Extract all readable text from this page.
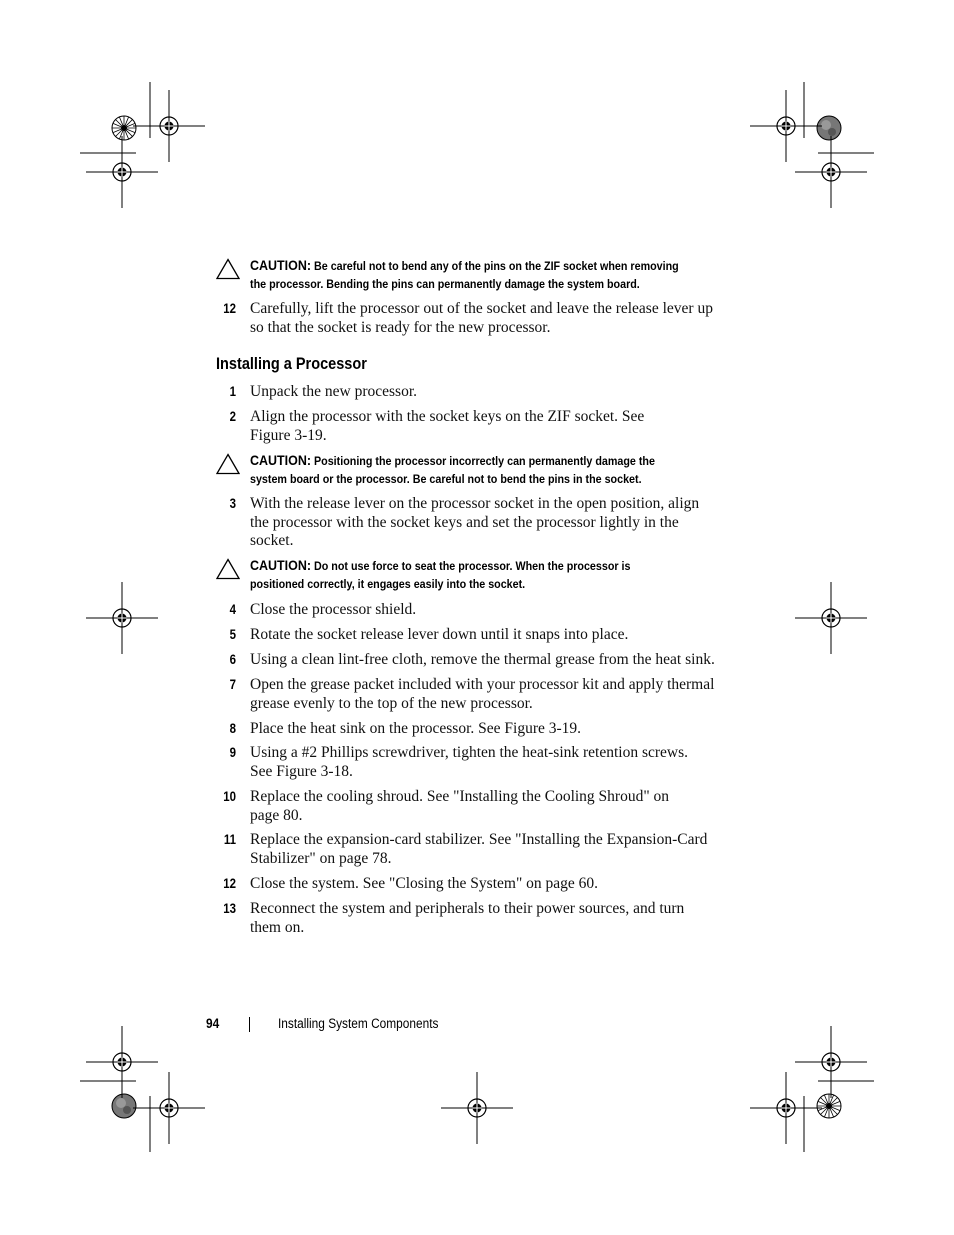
CAUTION: Be careful not to bend any of the pins on the ZIF socket when removing
the processor. Bending the pins can permanently damage the system board.
12 Carefully, lift the processor out of the socket and leave the release lever up
so that the socket is ready for the new processor.
Installing a Processor
1 Unpack the new processor.
2 Align the processor with the socket keys on the ZIF socket. See
Figure 3-19.
CAUTION: Positioning the processor incorrectly can permanently damage the
system board or the processor. Be careful not to bend the pins in the socket.
3 With the release lever on the processor socket in the open position, align
the processor with the socket keys and set the processor lightly in the
socket.
CAUTION: Do not use force to seat the processor. When the processor is
positioned correctly, it engages easily into the socket.
4 Close the processor shield.
5 Rotate the socket release lever down until it snaps into place.
6 Using a clean lint-free cloth, remove the thermal grease from the heat sink.
7 Open the grease packet included with your processor kit and apply thermal
grease evenly to the top of the new processor.
8 Place the heat sink on the processor. See Figure 3-19.
9 Using a #2 Phillips screwdriver, tighten the heat-sink retention screws.
See Figure 3-18.
10 Replace the cooling shroud. See "Installing the Cooling Shroud" on
page 80.
11 Replace the expansion-card stabilizer. See "Installing the Expansion-Card
Stabilizer" on page 78.
12 Close the system. See "Closing the System" on page 60.
13 Reconnect the system and peripherals to their power sources, and turn
them on.
94	Installing System Components
